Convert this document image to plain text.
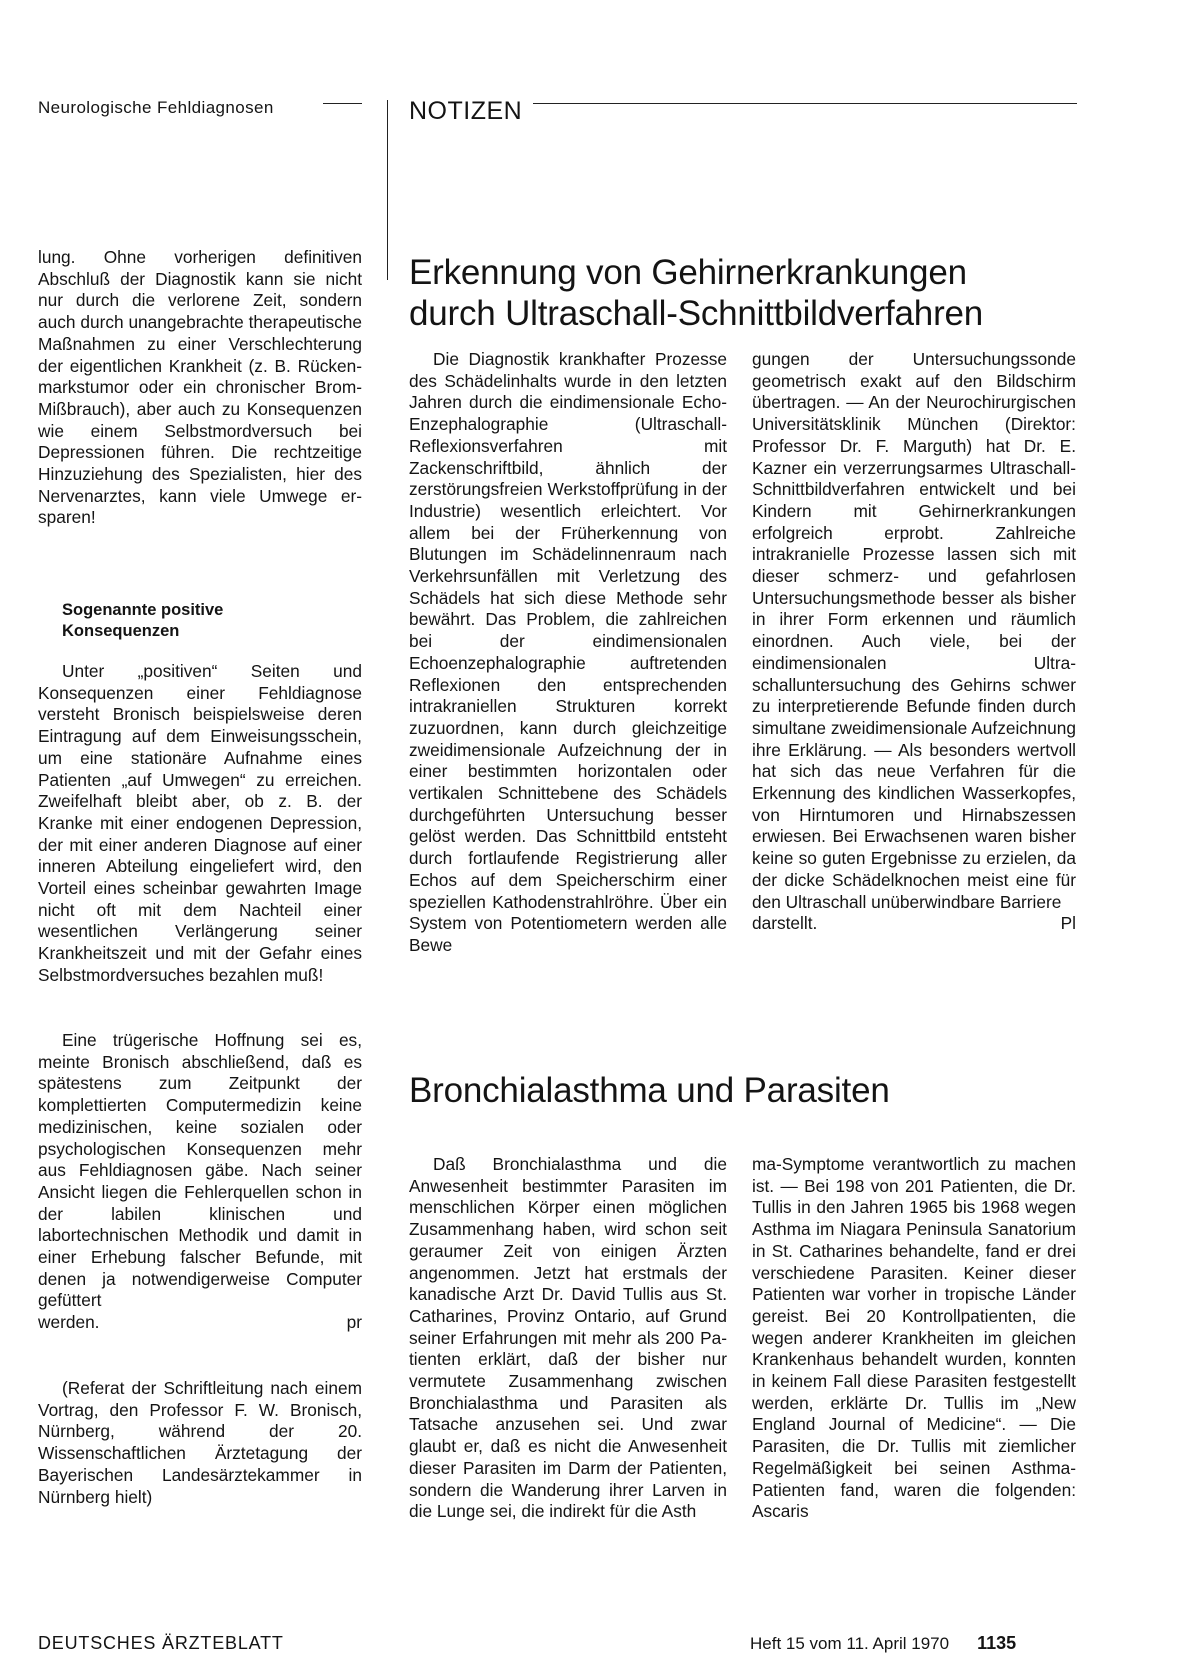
Neurologische Fehldiagnosen	NOTIZEN
lung. Ohne vorherigen definitiven Abschluß der Diagnostik kann sie nicht nur durch die verlorene Zeit, sondern auch durch unangebrachte therapeutische Maßnahmen zu einer Verschlechterung der eigentlichen Krankheit (z. B. Rückenmarkstumor oder ein chronischer Brom-Mißbrauch), aber auch zu Konsequenzen wie einem Selbstmordversuch bei Depressionen führen. Die rechtzeitige Hinzuziehung des Spezialisten, hier des Nervenarztes, kann viele Umwege ersparen!
Sogenannte positive
Konsequenzen

Unter „positiven“ Seiten und Konsequenzen einer Fehldiagnose versteht Bronisch beispielsweise deren Eintragung auf dem Einweisungsschein, um eine stationäre Aufnahme eines Patienten „auf Umwegen“ zu erreichen. Zweifelhaft bleibt aber, ob z. B. der Kranke mit einer endogenen Depression, der mit einer anderen Diagnose auf einer inneren Abteilung eingeliefert wird, den Vorteil eines scheinbar gewahrten Image nicht oft mit dem Nachteil einer wesentlichen Verlängerung seiner Krankheitszeit und mit der Gefahr eines Selbstmordversuches bezahlen muß!

Eine trügerische Hoffnung sei es, meinte Bronisch abschließend, daß es spätestens zum Zeitpunkt der komplettierten Computermedizin keine medizinischen, keine sozialen oder psychologischen Konsequenzen mehr aus Fehldiagnosen gäbe. Nach seiner Ansicht liegen die Fehlerquellen schon in der labilen klinischen und labortechnischen Methodik und damit in einer Erhebung falscher Befunde, mit denen ja notwendigerweise Computer gefüttert

werden.	pr

(Referat der Schriftleitung nach einem Vortrag, den Professor F. W. Bronisch, Nürnberg, während der 20. Wissenschaftlichen Ärztetagung der Bayerischen Landesärztekammer in Nürnberg hielt)

Erkennung von Gehirnerkrankungen
durch Ultraschall-Schnittbildverfahren

Die Diagnostik krankhafter Prozesse des Schädelinhalts wurde in den letzten Jahren durch die eindimensionale Echo-Enzephalographie (Ultraschall-Reflexionsverfahren mit Zackenschriftbild, ähnlich der zerstörungsfreien Werkstoffprüfung in der Industrie) wesentlich erleichtert. Vor allem bei der Früherkennung von Blutungen im Schädelinnenraum nach Verkehrsunfällen mit Verletzung des Schädels hat sich diese Methode sehr bewährt. Das Problem, die zahlreichen bei der eindimensionalen Echoenzephalographie auftretenden Reflexionen den entsprechenden intrakraniellen Strukturen korrekt zuzuordnen, kann durch gleichzeitige zweidimensionale Aufzeichnung der in einer bestimmten horizontalen oder vertikalen Schnittebene des Schädels durchgeführten Untersuchung besser gelöst werden. Das Schnittbild entsteht durch fortlaufende Registrierung aller Echos auf dem Speicherschirm einer speziellen Kathodenstrahlröhre. Über ein System von Potentiometern werden alle Bewe

gungen der Untersuchungssonde geometrisch exakt auf den Bildschirm übertragen. — An der Neurochirurgischen Universitätsklinik München (Direktor: Professor Dr. F. Marguth) hat Dr. E. Kazner ein verzerrungsarmes Ultraschall-Schnittbildverfahren entwickelt und bei Kindern mit Gehirnerkrankungen erfolgreich erprobt. Zahlreiche intrakranielle Prozesse lassen sich mit dieser schmerz- und gefahrlosen Untersuchungsmethode besser als bisher in ihrer Form erkennen und räumlich einordnen. Auch viele, bei der eindimensionalen Ultraschalluntersuchung des Gehirns schwer zu interpretierende Befunde finden durch simultane zweidimensionale Aufzeichnung ihre Erklärung. — Als besonders wertvoll hat sich das neue Verfahren für die Erkennung des kindlichen Wasserkopfes, von Hirntumoren und Hirnabszessen erwiesen. Bei Erwachsenen waren bisher keine so guten Ergebnisse zu erzielen, da der dicke Schädelknochen meist eine für den Ultraschall unüberwindbare Barriere
darstellt.	Pl
Bronchialasthma und Parasiten

Daß Bronchialasthma und die Anwesenheit bestimmter Parasiten im menschlichen Körper einen möglichen Zusammenhang haben, wird schon seit geraumer Zeit von einigen Ärzten angenommen. Jetzt hat erstmals der kanadische Arzt Dr. David Tullis aus St. Catharines, Provinz Ontario, auf Grund seiner Erfahrungen mit mehr als 200 Patienten erklärt, daß der bisher nur vermutete Zusammenhang zwischen Bronchialasthma und Parasiten als Tatsache anzusehen sei. Und zwar glaubt er, daß es nicht die Anwesenheit dieser Parasiten im Darm der Patienten, sondern die Wanderung ihrer Larven in die Lunge sei, die indirekt für die Asth

ma-Symptome verantwortlich zu machen ist. — Bei 198 von 201 Patienten, die Dr. Tullis in den Jahren 1965 bis 1968 wegen Asthma im Niagara Peninsula Sanatorium in St. Catharines behandelte, fand er drei verschiedene Parasiten. Keiner dieser Patienten war vorher in tropische Länder gereist. Bei 20 Kontrollpatienten, die wegen anderer Krankheiten im gleichen Krankenhaus behandelt wurden, konnten in keinem Fall diese Parasiten festgestellt werden, erklärte Dr. Tullis im „New England Journal of Medicine“. — Die Parasiten, die Dr. Tullis mit ziemlicher Regelmäßigkeit bei seinen Asthma-Patienten fand, waren die folgenden: Ascaris
DEUTSCHES ÄRZTEBLATT	Heft 15 vom 11. April 1970 1135
